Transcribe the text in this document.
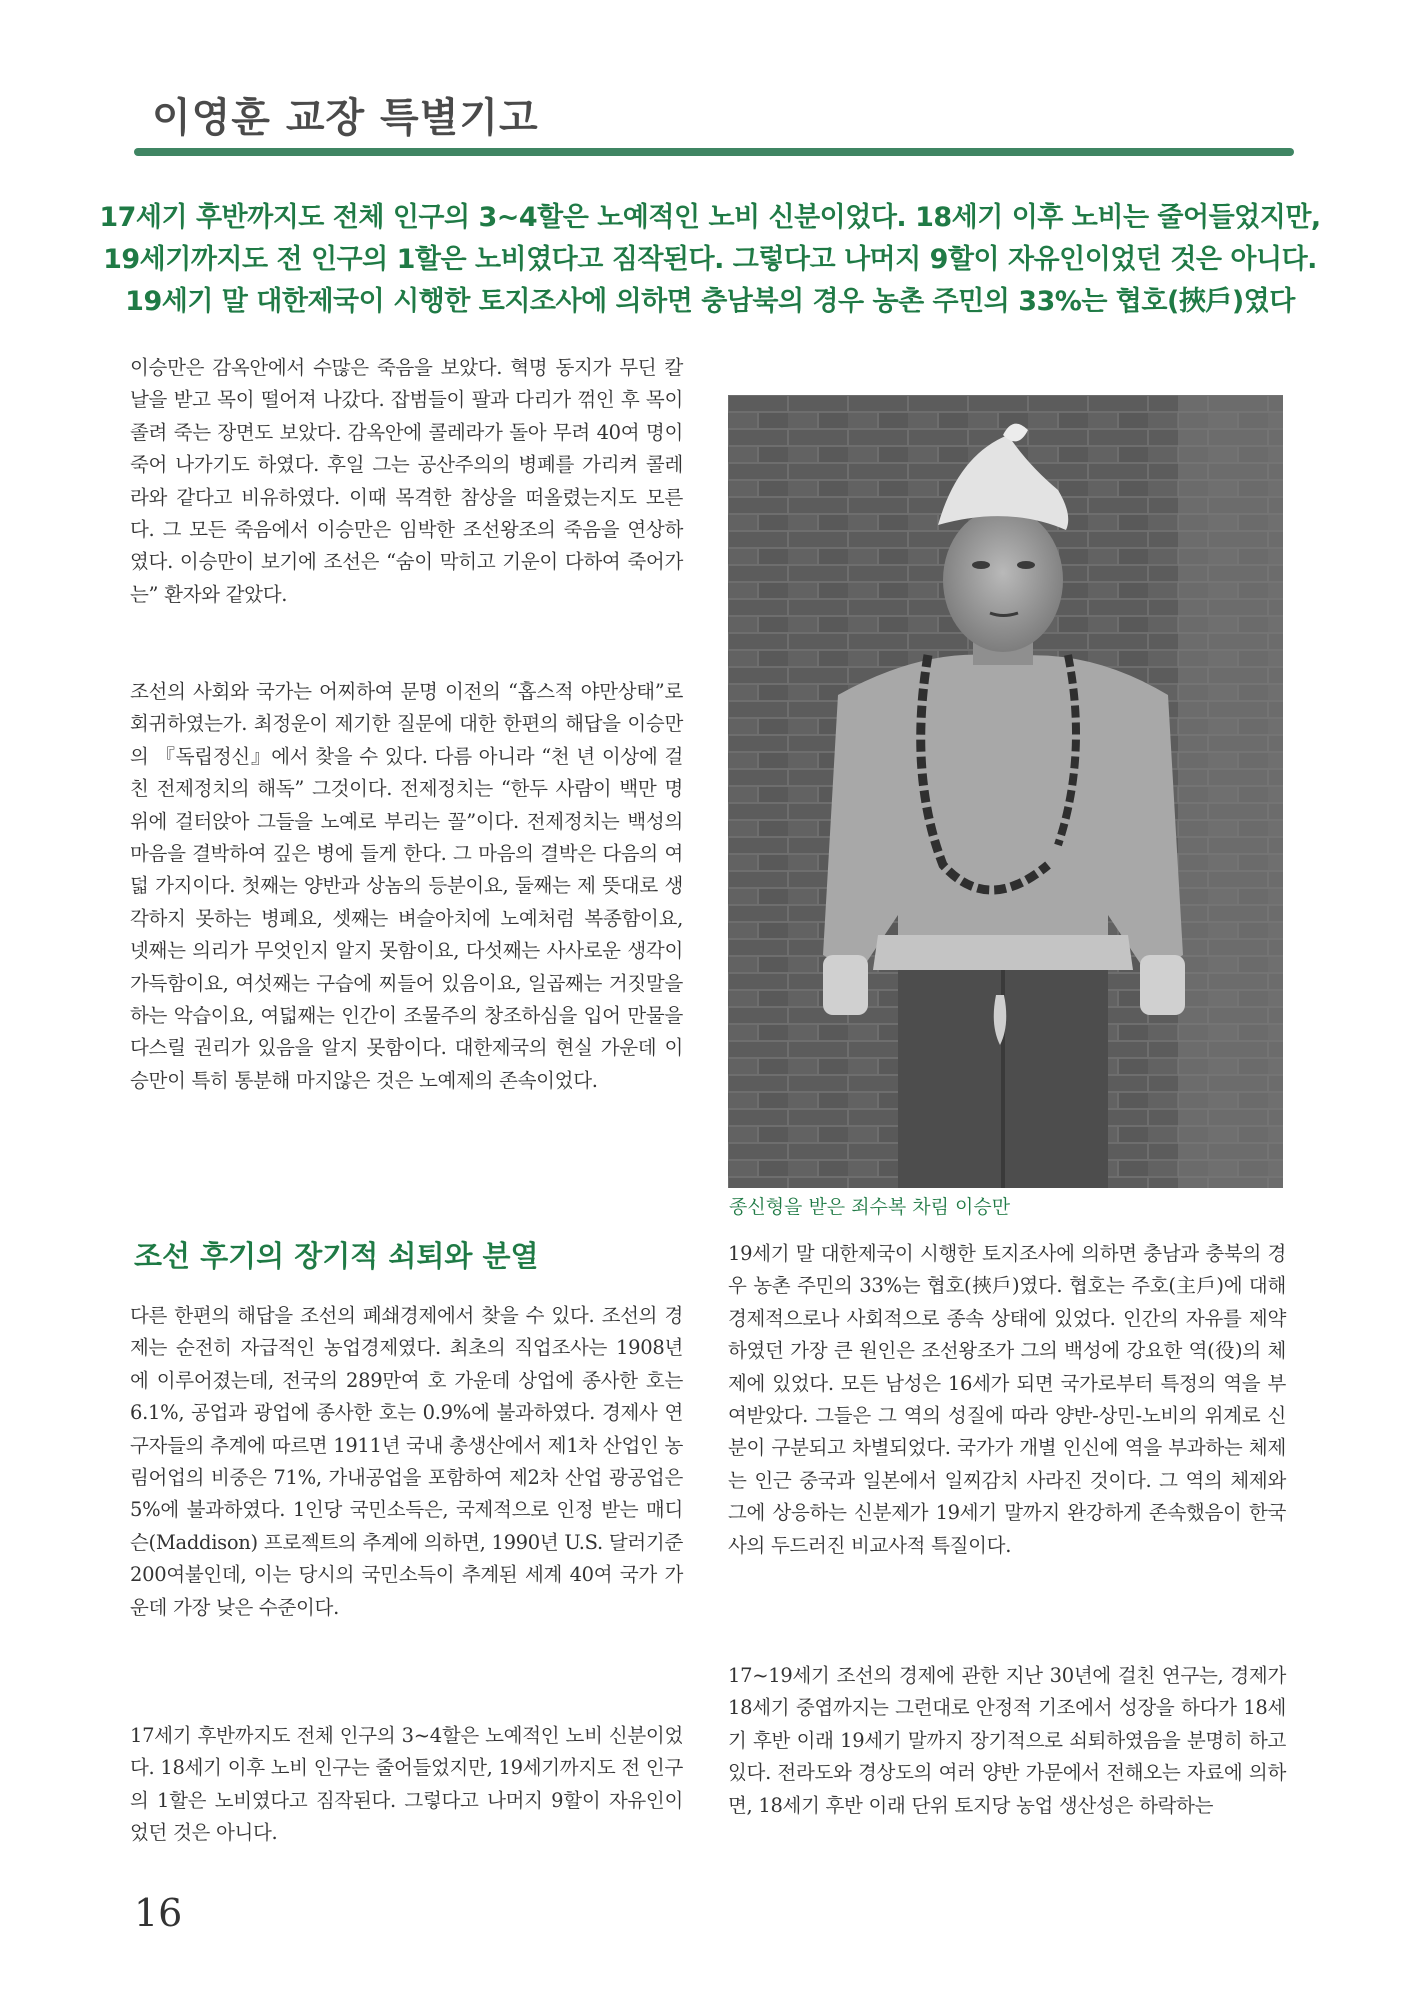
이영훈 교장 특별기고
17세기 후반까지도 전체 인구의 3~4할은 노예적인 노비 신분이었다. 18세기 이후 노비는 줄어들었지만,
19세기까지도 전 인구의 1할은 노비였다고 짐작된다. 그렇다고 나머지 9할이 자유인이었던 것은 아니다.
19세기 말 대한제국이 시행한 토지조사에 의하면 충남북의 경우 농촌 주민의 33%는 협호(挾戶)였다

이승만은 감옥안에서 수많은 죽음을 보았다. 혁명 동지가 무딘 칼날을 받고 목이 떨어져 나갔다. 잡범들이 팔과 다리가 꺾인 후 목이 졸려 죽는 장면도 보았다. 감옥안에 콜레라가 돌아 무려 40여 명이 죽어 나가기도 하였다. 후일 그는 공산주의의 병폐를 가리켜 콜레라와 같다고 비유하였다. 이때 목격한 참상을 떠올렸는지도 모른다. 그 모든 죽음에서 이승만은 임박한 조선왕조의 죽음을 연상하였다. 이승만이 보기에 조선은 “숨이 막히고 기운이 다하여 죽어가는” 환자와 같았다.

조선의 사회와 국가는 어찌하여 문명 이전의 “홉스적 야만상태”로 회귀하였는가. 최정운이 제기한 질문에 대한 한편의 해답을 이승만의 『독립정신』에서 찾을 수 있다. 다름 아니라 “천 년 이상에 걸친 전제정치의 해독” 그것이다. 전제정치는 “한두 사람이 백만 명 위에 걸터앉아 그들을 노예로 부리는 꼴”이다. 전제정치는 백성의 마음을 결박하여 깊은 병에 들게 한다. 그 마음의 결박은 다음의 여덟 가지이다. 첫째는 양반과 상놈의 등분이요, 둘째는 제 뜻대로 생각하지 못하는 병폐요, 셋째는 벼슬아치에 노예처럼 복종함이요, 넷째는 의리가 무엇인지 알지 못함이요, 다섯째는 사사로운 생각이 가득함이요, 여섯째는 구습에 찌들어 있음이요, 일곱째는 거짓말을 하는 악습이요, 여덟째는 인간이 조물주의 창조하심을 입어 만물을 다스릴 권리가 있음을 알지 못함이다. 대한제국의 현실 가운데 이승만이 특히 통분해 마지않은 것은 노예제의 존속이었다.

조선 후기의 장기적 쇠퇴와 분열

다른 한편의 해답을 조선의 폐쇄경제에서 찾을 수 있다. 조선의 경제는 순전히 자급적인 농업경제였다. 최초의 직업조사는 1908년에 이루어졌는데, 전국의 289만여 호 가운데 상업에 종사한 호는 6.1%, 공업과 광업에 종사한 호는 0.9%에 불과하였다. 경제사 연구자들의 추계에 따르면 1911년 국내 총생산에서 제1차 산업인 농림어업의 비중은 71%, 가내공업을 포함하여 제2차 산업 광공업은 5%에 불과하였다. 1인당 국민소득은, 국제적으로 인정 받는 매디슨(Maddison) 프로젝트의 추계에 의하면, 1990년 U.S. 달러기준 200여불인데, 이는 당시의 국민소득이 추계된 세계 40여 국가 가운데 가장 낮은 수준이다.

17세기 후반까지도 전체 인구의 3~4할은 노예적인 노비 신분이었다. 18세기 이후 노비 인구는 줄어들었지만, 19세기까지도 전 인구의 1할은 노비였다고 짐작된다. 그렇다고 나머지 9할이 자유인이었던 것은 아니다.

종신형을 받은 죄수복 차림 이승만

19세기 말 대한제국이 시행한 토지조사에 의하면 충남과 충북의 경우 농촌 주민의 33%는 협호(挾戶)였다. 협호는 주호(主戶)에 대해 경제적으로나 사회적으로 종속 상태에 있었다. 인간의 자유를 제약하였던 가장 큰 원인은 조선왕조가 그의 백성에 강요한 역(役)의 체제에 있었다. 모든 남성은 16세가 되면 국가로부터 특정의 역을 부여받았다. 그들은 그 역의 성질에 따라 양반-상민-노비의 위계로 신분이 구분되고 차별되었다. 국가가 개별 인신에 역을 부과하는 체제는 인근 중국과 일본에서 일찌감치 사라진 것이다. 그 역의 체제와 그에 상응하는 신분제가 19세기 말까지 완강하게 존속했음이 한국사의 두드러진 비교사적 특질이다.

17~19세기 조선의 경제에 관한 지난 30년에 걸친 연구는, 경제가 18세기 중엽까지는 그런대로 안정적 기조에서 성장을 하다가 18세기 후반 이래 19세기 말까지 장기적으로 쇠퇴하였음을 분명히 하고 있다. 전라도와 경상도의 여러 양반 가문에서 전해오는 자료에 의하면, 18세기 후반 이래 단위 토지당 농업 생산성은 하락하는

16
